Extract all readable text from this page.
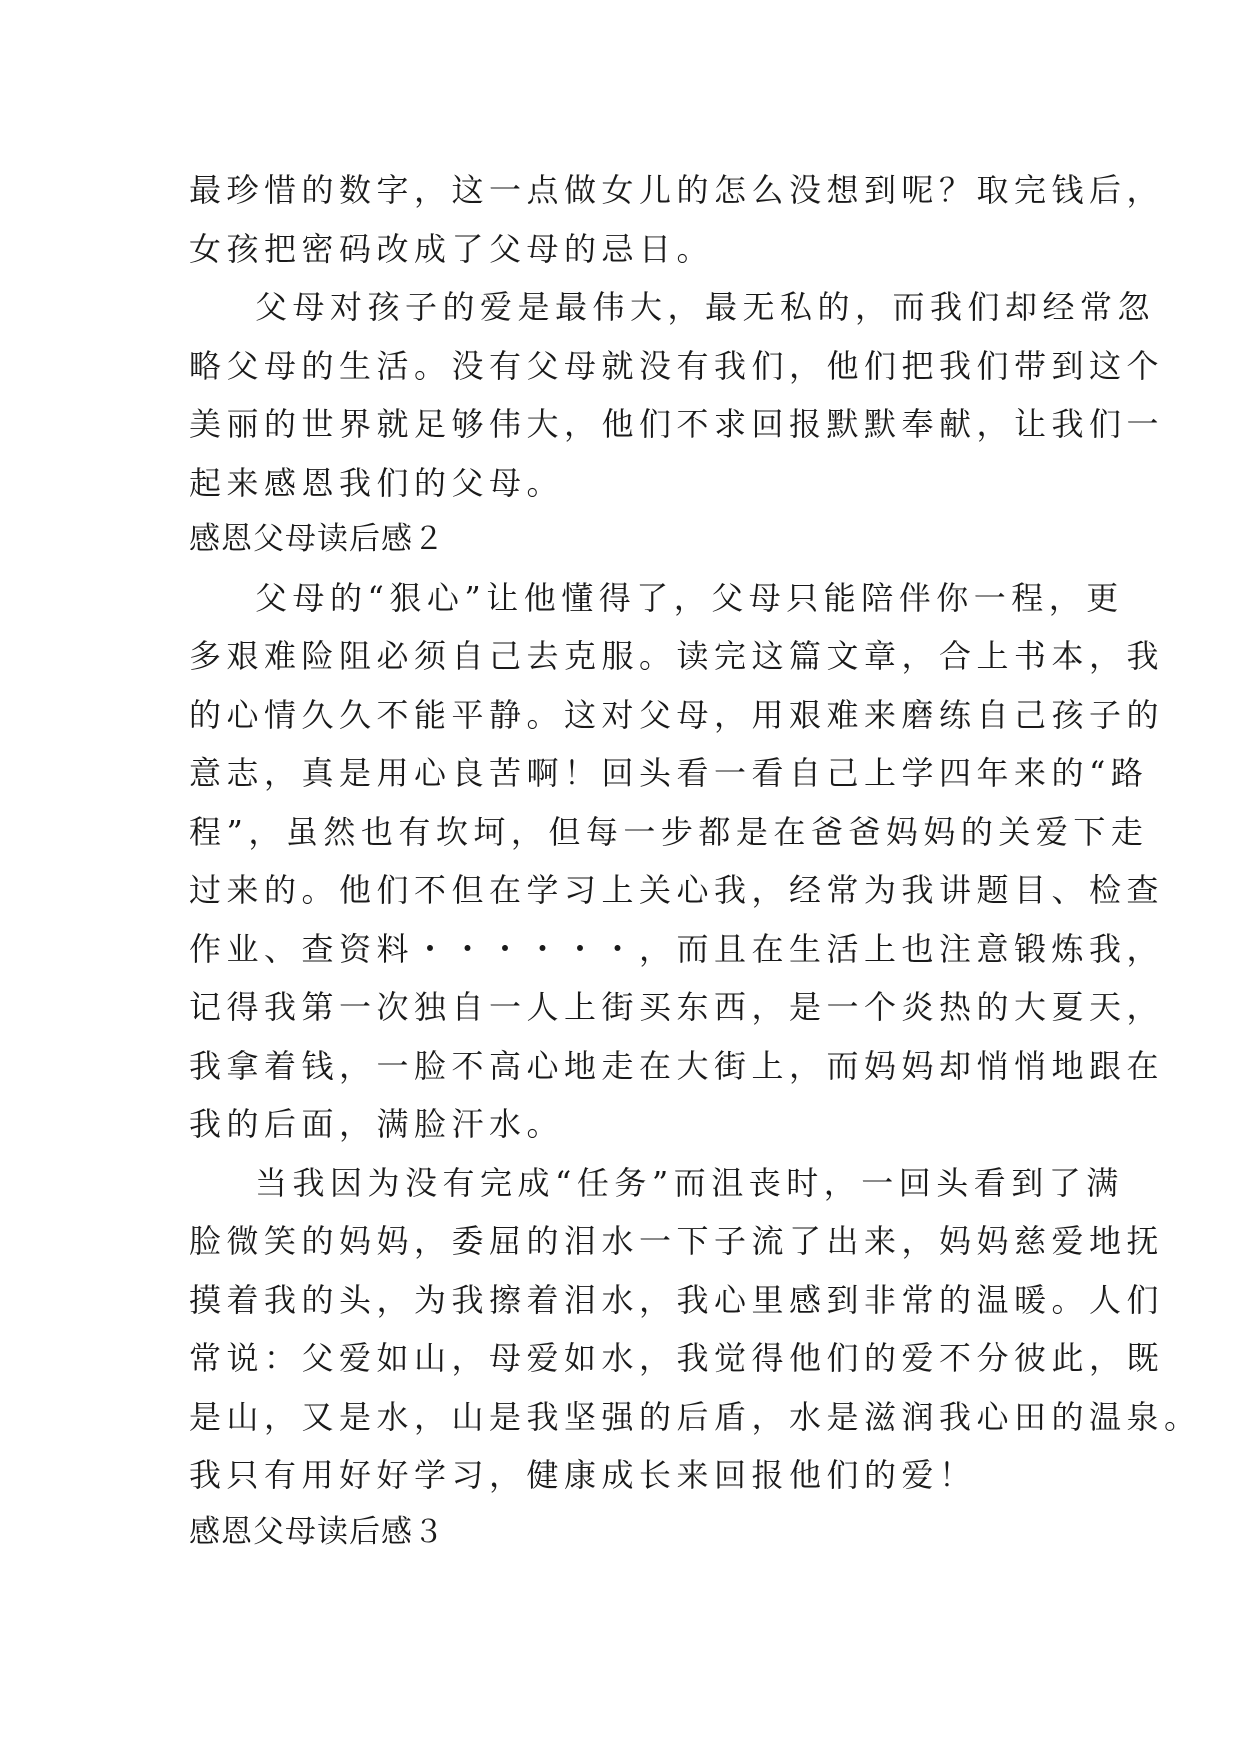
最珍惜的数字，这一点做女儿的怎么没想到呢？取完钱后，
女孩把密码改成了父母的忌日。
父母对孩子的爱是最伟大，最无私的，而我们却经常忽
略父母的生活。没有父母就没有我们，他们把我们带到这个
美丽的世界就足够伟大，他们不求回报默默奉献，让我们一
起来感恩我们的父母。
感恩父母读后感２
父母的“狠心”让他懂得了，父母只能陪伴你一程，更
多艰难险阻必须自己去克服。读完这篇文章，合上书本，我
的心情久久不能平静。这对父母，用艰难来磨练自己孩子的
意志，真是用心良苦啊！回头看一看自己上学四年来的“路
程”，虽然也有坎坷，但每一步都是在爸爸妈妈的关爱下走
过来的。他们不但在学习上关心我，经常为我讲题目、检查
作业、查资料・・・・・・，而且在生活上也注意锻炼我，
记得我第一次独自一人上街买东西，是一个炎热的大夏天，
我拿着钱，一脸不高心地走在大街上，而妈妈却悄悄地跟在
我的后面，满脸汗水。
当我因为没有完成“任务”而沮丧时，一回头看到了满
脸微笑的妈妈，委屈的泪水一下子流了出来，妈妈慈爱地抚
摸着我的头，为我擦着泪水，我心里感到非常的温暖。人们
常说：父爱如山，母爱如水，我觉得他们的爱不分彼此，既
是山，又是水，山是我坚强的后盾，水是滋润我心田的温泉。
我只有用好好学习，健康成长来回报他们的爱！
感恩父母读后感３
